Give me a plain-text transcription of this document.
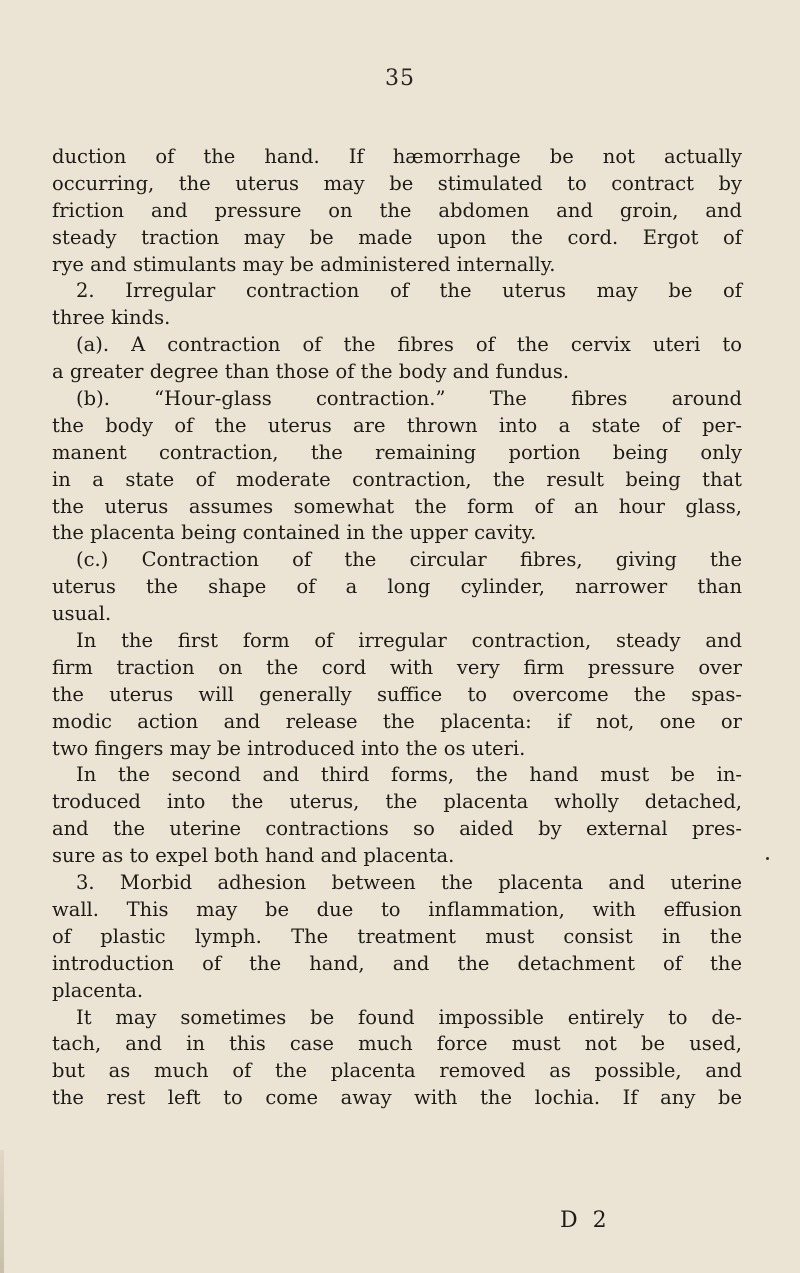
35
duction of the hand. If hæmorrhage be not actually
occurring, the uterus may be stimulated to contract by
friction and pressure on the abdomen and groin, and
steady traction may be made upon the cord. Ergot of
rye and stimulants may be administered internally.
2. Irregular contraction of the uterus may be of
three kinds.
(a). A contraction of the fibres of the cervix uteri to
a greater degree than those of the body and fundus.
(b). “Hour-glass contraction.” The fibres around
the body of the uterus are thrown into a state of per-
manent contraction, the remaining portion being only
in a state of moderate contraction, the result being that
the uterus assumes somewhat the form of an hour glass,
the placenta being contained in the upper cavity.
(c.) Contraction of the circular fibres, giving the
uterus the shape of a long cylinder, narrower than
usual.
In the first form of irregular contraction, steady and
firm traction on the cord with very firm pressure over
the uterus will generally suffice to overcome the spas-
modic action and release the placenta: if not, one or
two fingers may be introduced into the os uteri.
In the second and third forms, the hand must be in-
troduced into the uterus, the placenta wholly detached,
and the uterine contractions so aided by external pres-
sure as to expel both hand and placenta.
3. Morbid adhesion between the placenta and uterine
wall. This may be due to inflammation, with effusion
of plastic lymph. The treatment must consist in the
introduction of the hand, and the detachment of the
placenta.
It may sometimes be found impossible entirely to de-
tach, and in this case much force must not be used,
but as much of the placenta removed as possible, and
the rest left to come away with the lochia. If any be
D 2
